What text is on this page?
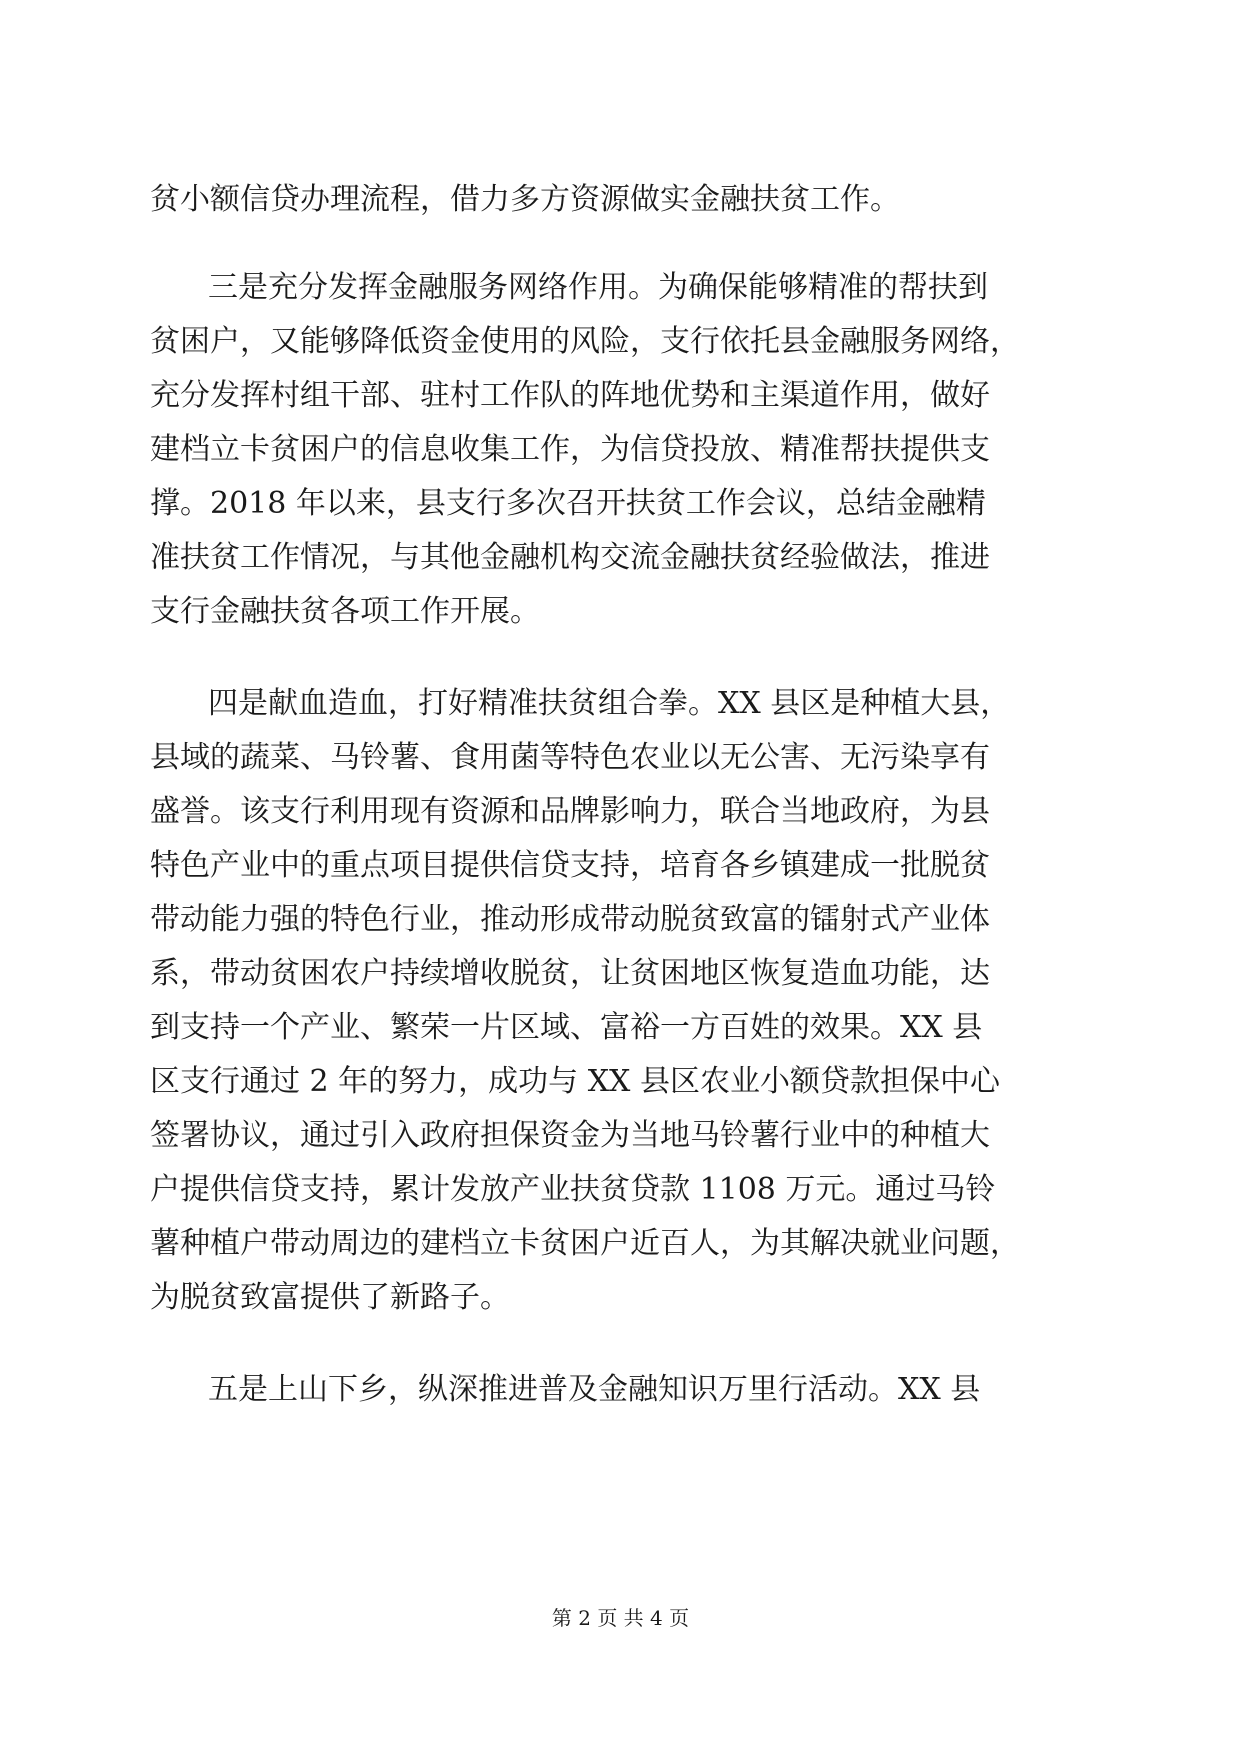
贫小额信贷办理流程，借力多方资源做实金融扶贫工作。
三是充分发挥金融服务网络作用。为确保能够精准的帮扶到
贫困户，又能够降低资金使用的风险，支行依托县金融服务网络，
充分发挥村组干部、驻村工作队的阵地优势和主渠道作用，做好
建档立卡贫困户的信息收集工作，为信贷投放、精准帮扶提供支
撑。2018 年以来，县支行多次召开扶贫工作会议，总结金融精
准扶贫工作情况，与其他金融机构交流金融扶贫经验做法，推进
支行金融扶贫各项工作开展。
四是献血造血，打好精准扶贫组合拳。XX 县区是种植大县，
县域的蔬菜、马铃薯、食用菌等特色农业以无公害、无污染享有
盛誉。该支行利用现有资源和品牌影响力，联合当地政府，为县
特色产业中的重点项目提供信贷支持，培育各乡镇建成一批脱贫
带动能力强的特色行业，推动形成带动脱贫致富的镭射式产业体
系，带动贫困农户持续增收脱贫，让贫困地区恢复造血功能，达
到支持一个产业、繁荣一片区域、富裕一方百姓的效果。XX 县
区支行通过 2 年的努力，成功与 XX 县区农业小额贷款担保中心
签署协议，通过引入政府担保资金为当地马铃薯行业中的种植大
户提供信贷支持，累计发放产业扶贫贷款 1108 万元。通过马铃
薯种植户带动周边的建档立卡贫困户近百人，为其解决就业问题，
为脱贫致富提供了新路子。
五是上山下乡，纵深推进普及金融知识万里行活动。XX 县
第 2 页 共 4 页
